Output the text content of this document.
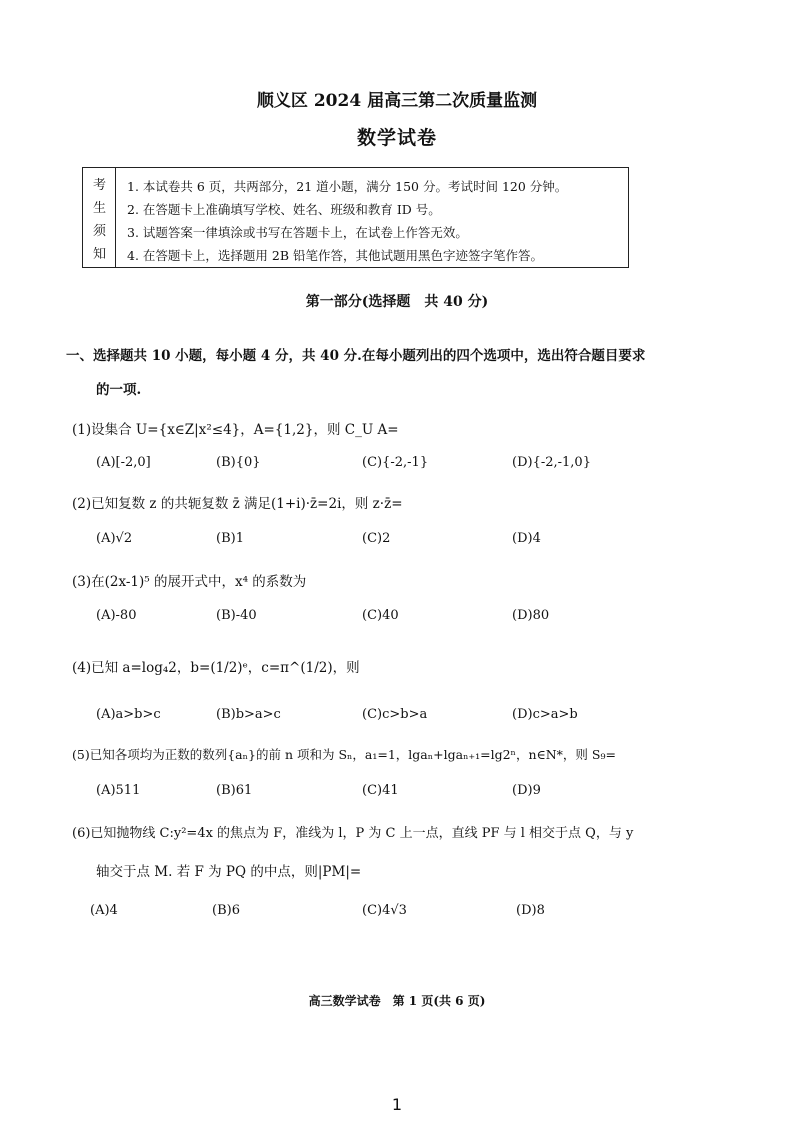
顺义区 2024 届高三第二次质量监测
数学试卷
考
生
须
知
1. 本试卷共 6 页，共两部分，21 道小题，满分 150 分。考试时间 120 分钟。
2. 在答题卡上准确填写学校、姓名、班级和教育 ID 号。
3. 试题答案一律填涂或书写在答题卡上，在试卷上作答无效。
4. 在答题卡上，选择题用 2B 铅笔作答，其他试题用黑色字迹签字笔作答。
第一部分(选择题　共 40 分)
一、选择题共 10 小题，每小题 4 分，共 40 分.在每小题列出的四个选项中，选出符合题目要求
的一项.
(1)设集合 U={x∈Z|x²≤4}，A={1,2}，则 C_U A=
(A)[-2,0]	(B){0}	(C){-2,-1}	(D){-2,-1,0}
(2)已知复数 z 的共轭复数 z̄ 满足(1+i)·z̄=2i，则 z·z̄=
(A)√2	(B)1	(C)2	(D)4
(3)在(2x-1)⁵ 的展开式中，x⁴ 的系数为
(A)-80	(B)-40	(C)40	(D)80
(4)已知 a=log₄2，b=(1/2)ᵉ，c=π^(1/2)，则
(A)a>b>c	(B)b>a>c	(C)c>b>a	(D)c>a>b
(5)已知各项均为正数的数列{aₙ}的前 n 项和为 Sₙ，a₁=1，lgaₙ+lgaₙ₊₁=lg2ⁿ，n∈N*，则 S₉=
(A)511	(B)61	(C)41	(D)9
(6)已知抛物线 C:y²=4x 的焦点为 F，准线为 l，P 为 C 上一点，直线 PF 与 l 相交于点 Q，与 y
轴交于点 M. 若 F 为 PQ 的中点，则|PM|=
(A)4	(B)6	(C)4√3	(D)8
高三数学试卷　第 1 页(共 6 页)
1
